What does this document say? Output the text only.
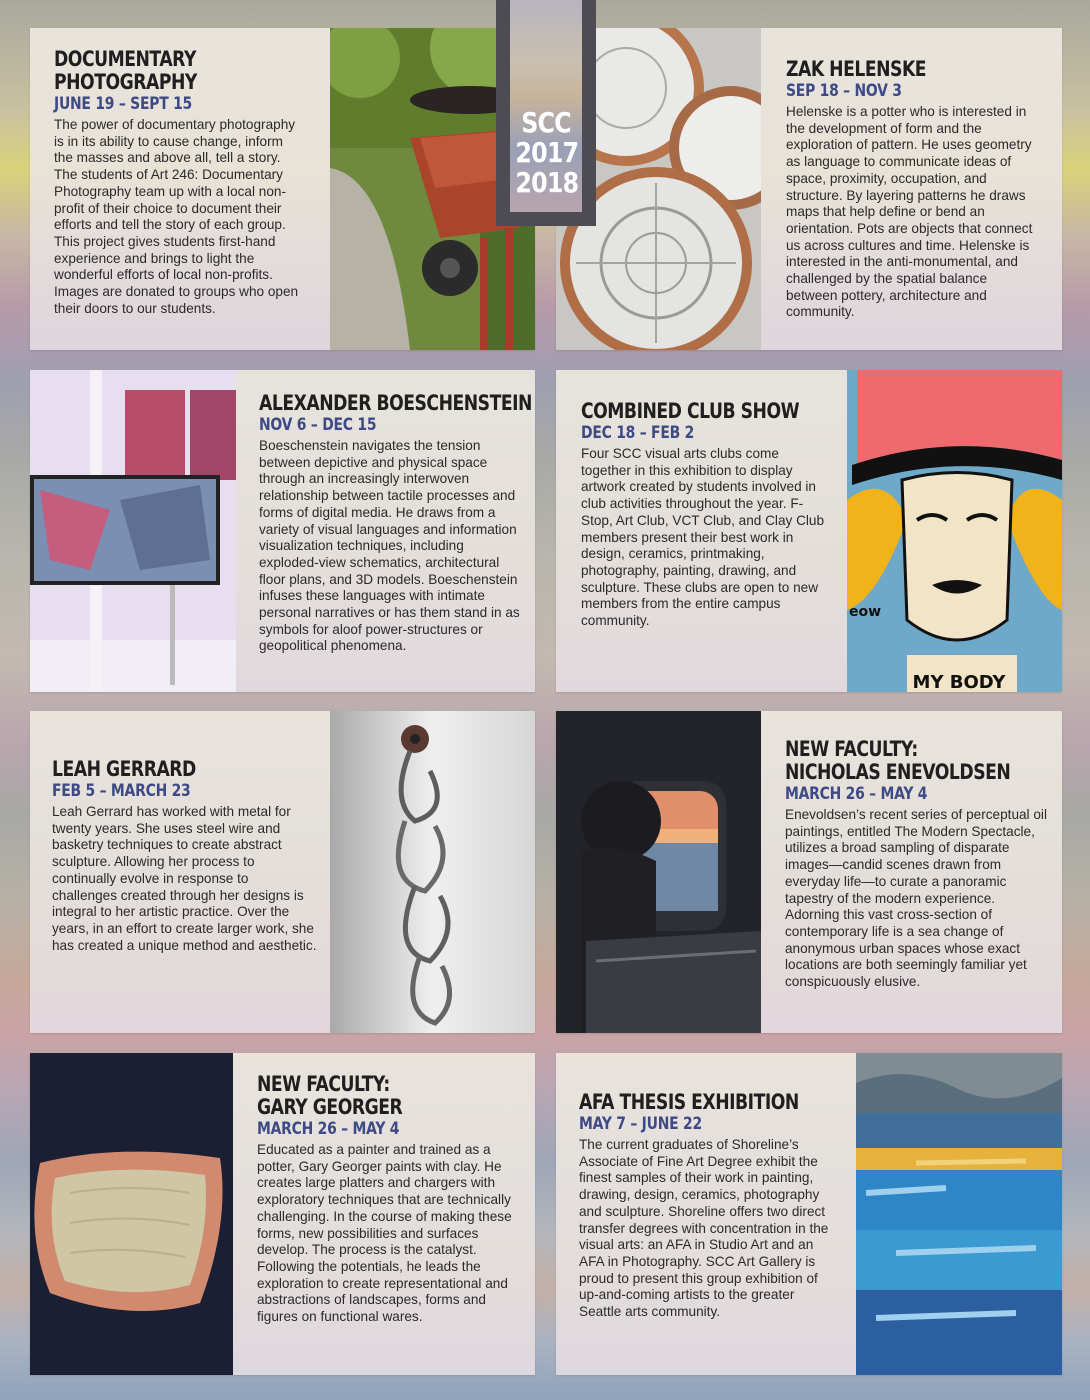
DOCUMENTARY
PHOTOGRAPHY
JUNE 19 – SEPT 15

The power of documentary photography is in its ability to cause change, inform the masses and above all, tell a story. The students of Art 246: Documentary Photography team up with a local non-profit of their choice to document their efforts and tell the story of each group. This project gives students first-hand experience and brings to light the wonderful efforts of local non-profits. Images are donated to groups who open their doors to our students.

ZAK HELENSKE
SEP 18 – NOV 3

Helenske is a potter who is interested in the development of form and the exploration of pattern. He uses geometry as language to communicate ideas of space, proximity, occupation, and structure. By layering patterns he draws maps that help define or bend an orientation. Pots are objects that connect us across cultures and time. Helenske is interested in the anti-monumental, and challenged by the spatial balance between pottery, architecture and community.

SCC
2017
2018
ALEXANDER BOESCHENSTEIN
NOV 6 – DEC 15

Boeschenstein navigates the tension between depictive and physical space through an increasingly interwoven relationship between tactile processes and forms of digital media. He draws from a variety of visual languages and information visualization techniques, including exploded-view schematics, architectural floor plans, and 3D models. Boeschenstein infuses these languages with intimate personal narratives or has them stand in as symbols for aloof power-structures or geopolitical phenomena.

COMBINED CLUB SHOW
DEC 18 – FEB 2

Four SCC visual arts clubs come together in this exhibition to display artwork created by students involved in club activities throughout the year. F-Stop, Art Club, VCT Club, and Clay Club members present their best work in design, ceramics, printmaking, photography, painting, drawing, and sculpture. These clubs are open to new members from the entire campus community.

MY BODY
eow
LEAH GERRARD
FEB 5 – MARCH 23

Leah Gerrard has worked with metal for twenty years. She uses steel wire and basketry techniques to create abstract sculpture. Allowing her process to continually evolve in response to challenges created through her designs is integral to her artistic practice. Over the years, in an effort to create larger work, she has created a unique method and aesthetic.

NEW FACULTY:
NICHOLAS ENEVOLDSEN
MARCH 26 – MAY 4

Enevoldsen’s recent series of perceptual oil paintings, entitled The Modern Spectacle, utilizes a broad sampling of disparate images—candid scenes drawn from everyday life—to curate a panoramic tapestry of the modern experience. Adorning this vast cross-section of contemporary life is a sea change of anonymous urban spaces whose exact locations are both seemingly familiar yet conspicuously elusive.

NEW FACULTY:
GARY GEORGER
MARCH 26 – MAY 4

Educated as a painter and trained as a potter, Gary Georger paints with clay. He creates large platters and chargers with exploratory techniques that are technically challenging. In the course of making these forms, new possibilities and surfaces develop. The process is the catalyst. Following the potentials, he leads the exploration to create representational and abstractions of landscapes, forms and figures on functional wares.

AFA THESIS EXHIBITION
MAY 7 – JUNE 22

The current graduates of Shoreline’s Associate of Fine Art Degree exhibit the finest samples of their work in painting, drawing, design, ceramics, photography and sculpture. Shoreline offers two direct transfer degrees with concentration in the visual arts: an AFA in Studio Art and an AFA in Photography. SCC Art Gallery is proud to present this group exhibition of up-and-coming artists to the greater Seattle arts community.
